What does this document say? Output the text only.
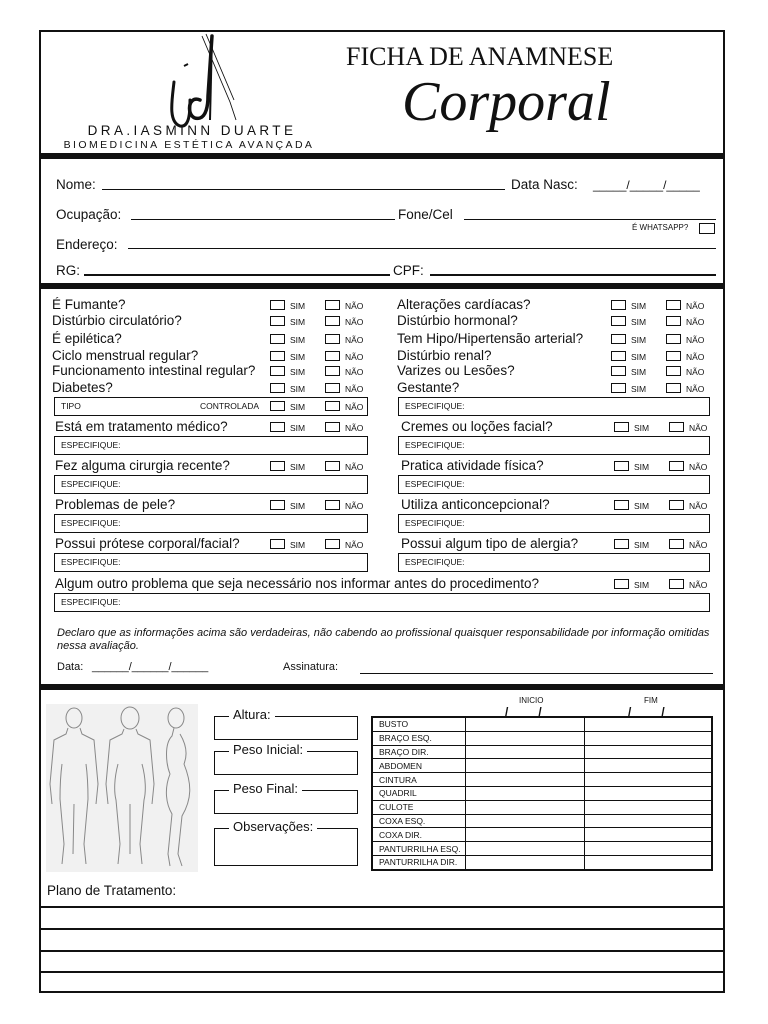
DRA.IASMINN DUARTE
BIOMEDICINA ESTÉTICA AVANÇADA
FICHA DE ANAMNESE
Corporal
Nome:	Data Nasc: _____/_____/_____
Ocupação:	Fone/Cel
É WHATSAPP?
Endereço:
RG:	CPF:
É Fumante?	SIM	NÃO Alterações cardíacas?	SIM	NÃO
Distúrbio circulatório?	SIM	NÃO Distúrbio hormonal?	SIM	NÃO
É epilética?	SIM	NÃO Tem Hipo/Hipertensão arterial?	SIM	NÃO
Ciclo menstrual regular?	SIM	NÃO Distúrbio renal?	SIM	NÃO
Funcionamento intestinal regular?	SIM	NÃO Varizes ou Lesões?	SIM	NÃO
Diabetes?	SIM	NÃO Gestante?	SIM	NÃO
Está em tratamento médico?	SIM	NÃO
ESPECIFIQUE:
Cremes ou loções facial?	SIM	NÃO
ESPECIFIQUE:
Fez alguma cirurgia recente?	SIM	NÃO
ESPECIFIQUE:
Pratica atividade física?	SIM	NÃO
ESPECIFIQUE:
Problemas de pele?	SIM	NÃO
ESPECIFIQUE:
Utiliza anticoncepcional?	SIM	NÃO
ESPECIFIQUE:
Possui prótese corporal/facial?	SIM	NÃO
ESPECIFIQUE:
Possui algum tipo de alergia?	SIM	NÃO
ESPECIFIQUE:
TIPO	CONTROLADA	SIM	NÃO	ESPECIFIQUE:
Algum outro problema que seja necessário nos informar antes do procedimento?	SIM	NÃO
ESPECIFIQUE:
Declaro que as informações acima são verdadeiras, não cabendo ao profissional quaisquer responsabilidade por informação omitidas nessa avaliação.
Data: ______/______/______	Assinatura:
Altura:
Peso Inicial:
Peso Final:
Observações:
INICIO	FIM
/         /	/         /
BUSTO		
BRAÇO ESQ.		
BRAÇO DIR.		
ABDOMEN		
CINTURA		
QUADRIL		
CULOTE		
COXA ESQ.		
COXA DIR.		
PANTURRILHA ESQ.		
PANTURRILHA DIR.		
Plano de Tratamento:
